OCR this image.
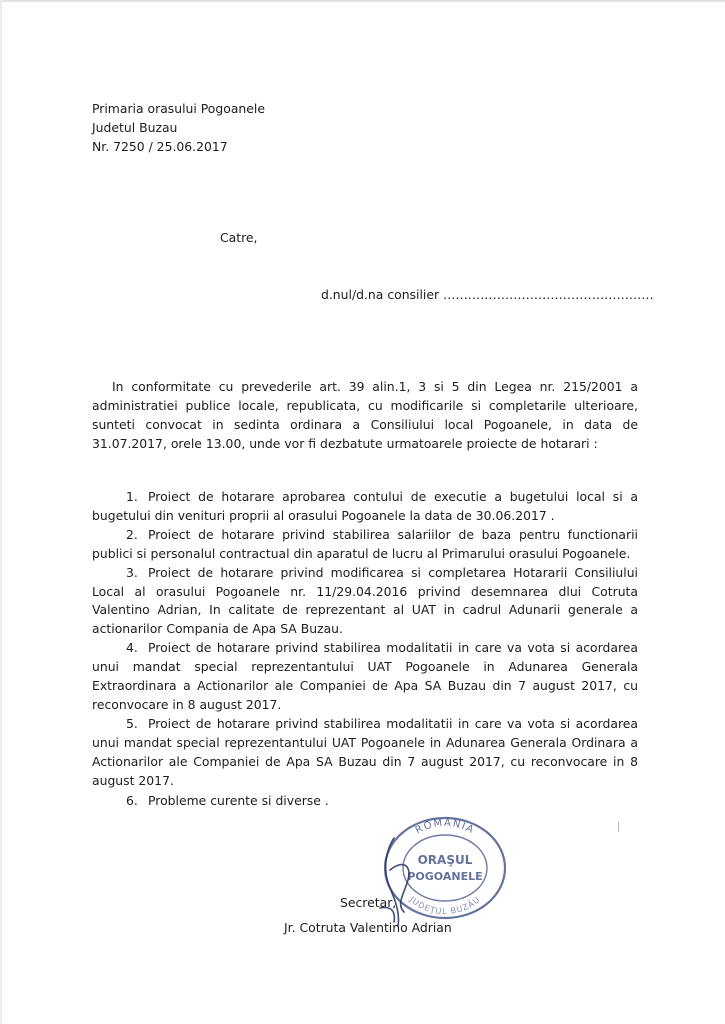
Primaria orasului Pogoanele
Judetul Buzau
Nr. 7250 / 25.06.2017
Catre,
d.nul/d.na consilier ……………………………………………

In conformitate cu prevederile art. 39 alin.1, 3 si 5 din Legea nr. 215/2001 a administratiei publice locale, republicata, cu modificarile si completarile ulterioare, sunteti convocat in sedinta ordinara a Consiliului local Pogoanele, in data de 31.07.2017, orele 13.00, unde vor fi dezbatute urmatoarele proiecte de hotarari :

1. Proiect de hotarare aprobarea contului de executie a bugetului local si a bugetului din venituri proprii al orasului Pogoanele la data de 30.06.2017 .
2. Proiect de hotarare privind stabilirea salariilor de baza pentru functionarii publici si personalul contractual din aparatul de lucru al Primarului orasului Pogoanele.
3. Proiect de hotarare privind modificarea si completarea Hotararii Consiliului Local al orasului Pogoanele nr. 11/29.04.2016 privind desemnarea dlui Cotruta Valentino Adrian, In calitate de reprezentant al UAT in cadrul Adunarii generale a actionarilor Compania de Apa SA Buzau.
4. Proiect de hotarare privind stabilirea modalitatii in care va vota si acordarea unui mandat special reprezentantului UAT Pogoanele in Adunarea Generala Extraordinara a Actionarilor ale Companiei de Apa SA Buzau din 7 august 2017, cu reconvocare in 8 august 2017.
5. Proiect de hotarare privind stabilirea modalitatii in care va vota si acordarea unui mandat special reprezentantului UAT Pogoanele in Adunarea Generala Ordinara a Actionarilor ale Companiei de Apa SA Buzau din 7 august 2017, cu reconvocare in 8 august 2017.
6. Probleme curente si diverse .
ROMÂNIA
ORAŞUL
POGOANELE
JUDEŢUL BUZĂU
Secretar,
Jr. Cotruta Valentino Adrian
